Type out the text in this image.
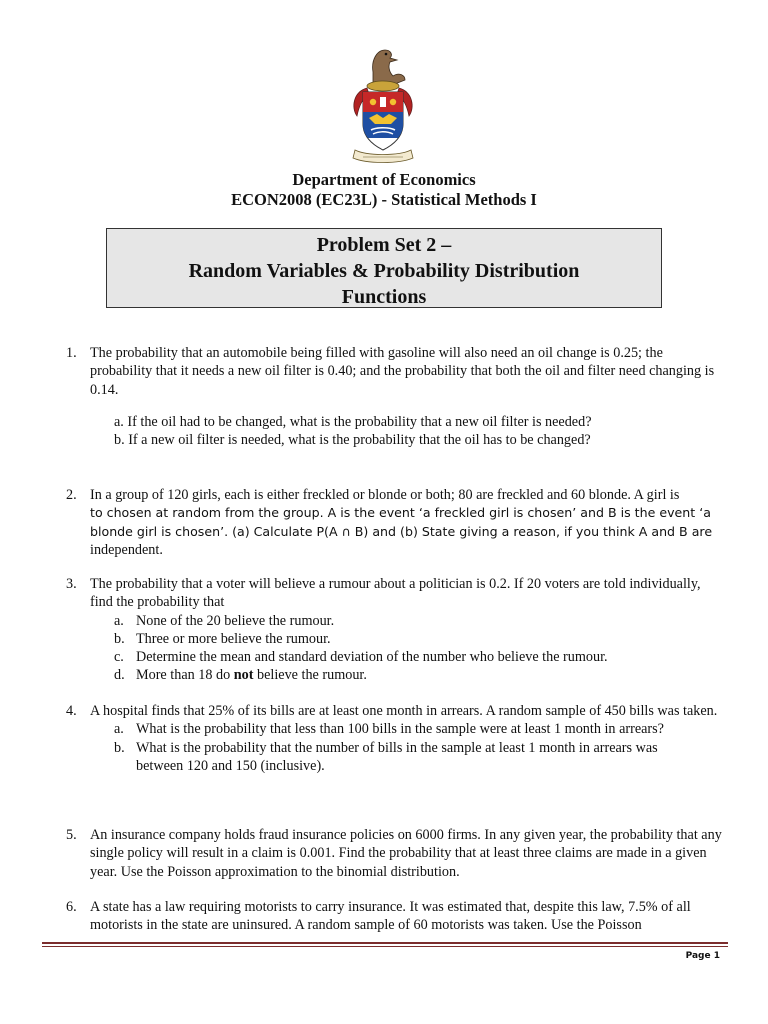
Department of Economics
ECON2008 (EC23L) - Statistical Methods I
Problem Set 2 –
Random Variables & Probability Distribution
Functions
1. The probability that an automobile being filled with gasoline will also need an oil change is 0.25; the probability that it needs a new oil filter is 0.40; and the probability that both the oil and filter need changing is 0.14.
a. If the oil had to be changed, what is the probability that a new oil filter is needed?
b. If a new oil filter is needed, what is the probability that the oil has to be changed?
2. In a group of 120 girls, each is either freckled or blonde or both; 80 are freckled and 60 blonde. A girl is
to chosen at random from the group. A is the event ‘a freckled girl is chosen’ and B is the event ‘a blonde girl is chosen’. (a) Calculate P(A ∩ B) and (b) State giving a reason, if you think A and B are
independent.
3. The probability that a voter will believe a rumour about a politician is 0.2. If 20 voters are told individually, find the probability that
a. None of the 20 believe the rumour.
b. Three or more believe the rumour.
c. Determine the mean and standard deviation of the number who believe the rumour.
d. More than 18 do not believe the rumour.
4. A hospital finds that 25% of its bills are at least one month in arrears. A random sample of 450 bills was taken.
a. What is the probability that less than 100 bills in the sample were at least 1 month in arrears?
b. What is the probability that the number of bills in the sample at least 1 month in arrears was between 120 and 150 (inclusive).
5. An insurance company holds fraud insurance policies on 6000 firms. In any given year, the probability that any single policy will result in a claim is 0.001. Find the probability that at least three claims are made in a given year. Use the Poisson approximation to the binomial distribution.
6. A state has a law requiring motorists to carry insurance. It was estimated that, despite this law, 7.5% of all motorists in the state are uninsured. A random sample of 60 motorists was taken. Use the Poisson
Page 1
